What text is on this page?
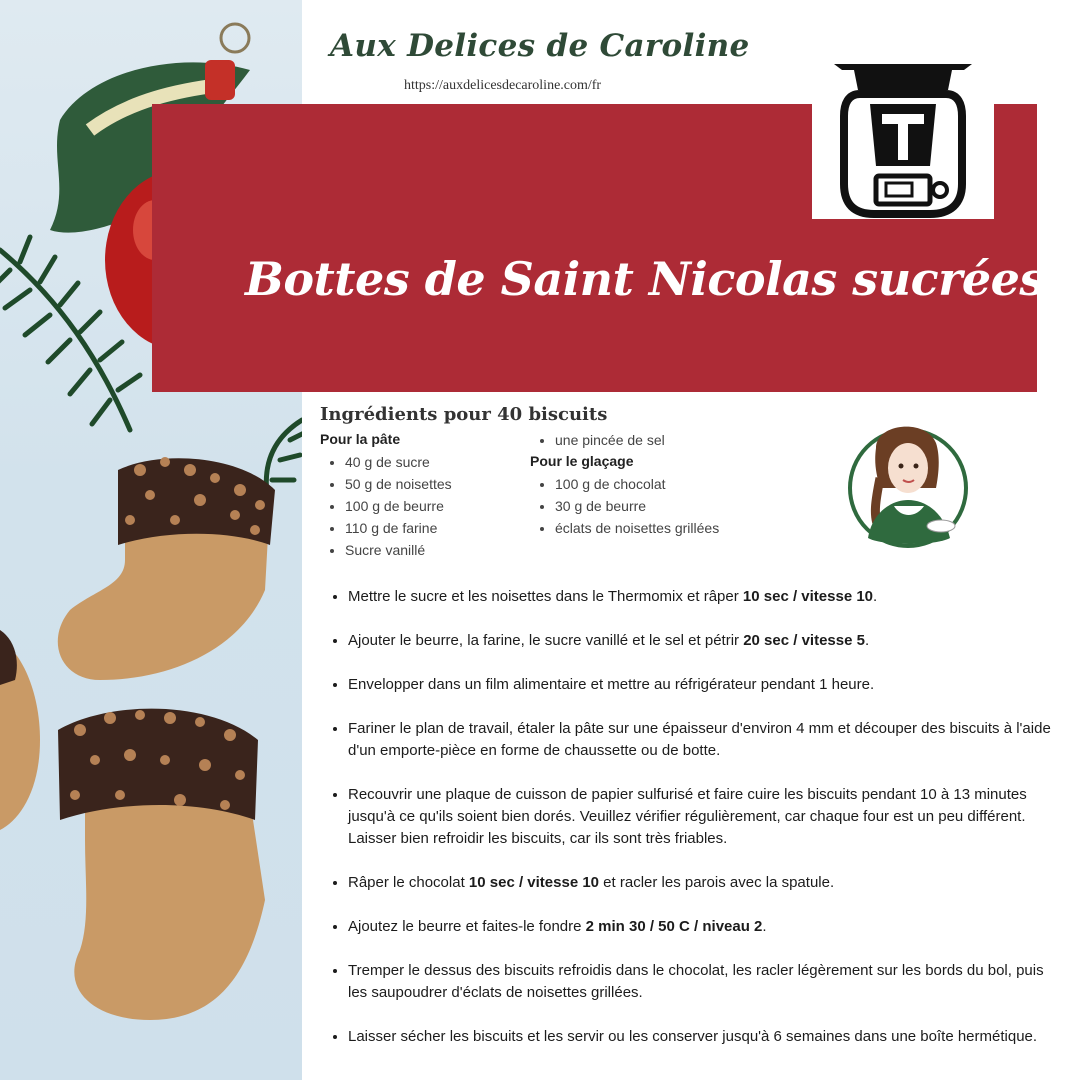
Aux Delices de Caroline
https://auxdelicesdecaroline.com/fr
Bottes de Saint Nicolas sucrées
Ingrédients pour 40 biscuits
Pour la pâte
• 40 g de sucre
• 50 g de noisettes
• 100 g de beurre
• 110 g de farine
• Sucre vanillé
• une pincée de sel
Pour le glaçage
• 100 g de chocolat
• 30 g de beurre
• éclats de noisettes grillées
• Mettre le sucre et les noisettes dans le Thermomix et râper 10 sec / vitesse 10.
• Ajouter le beurre, la farine, le sucre vanillé et le sel et pétrir 20 sec / vitesse 5.
• Envelopper dans un film alimentaire et mettre au réfrigérateur pendant 1 heure.
• Fariner le plan de travail, étaler la pâte sur une épaisseur d'environ 4 mm et découper des biscuits à l'aide d'un emporte-pièce en forme de chaussette ou de botte.
• Recouvrir une plaque de cuisson de papier sulfurisé et faire cuire les biscuits pendant 10 à 13 minutes jusqu'à ce qu'ils soient bien dorés. Veuillez vérifier régulièrement, car chaque four est un peu différent. Laisser bien refroidir les biscuits, car ils sont très friables.
• Râper le chocolat 10 sec / vitesse 10 et racler les parois avec la spatule.
• Ajoutez le beurre et faites-le fondre 2 min 30 / 50 C / niveau 2.
• Tremper le dessus des biscuits refroidis dans le chocolat, les racler légèrement sur les bords du bol, puis les saupoudrer d'éclats de noisettes grillées.
• Laisser sécher les biscuits et les servir ou les conserver jusqu'à 6 semaines dans une boîte hermétique.
